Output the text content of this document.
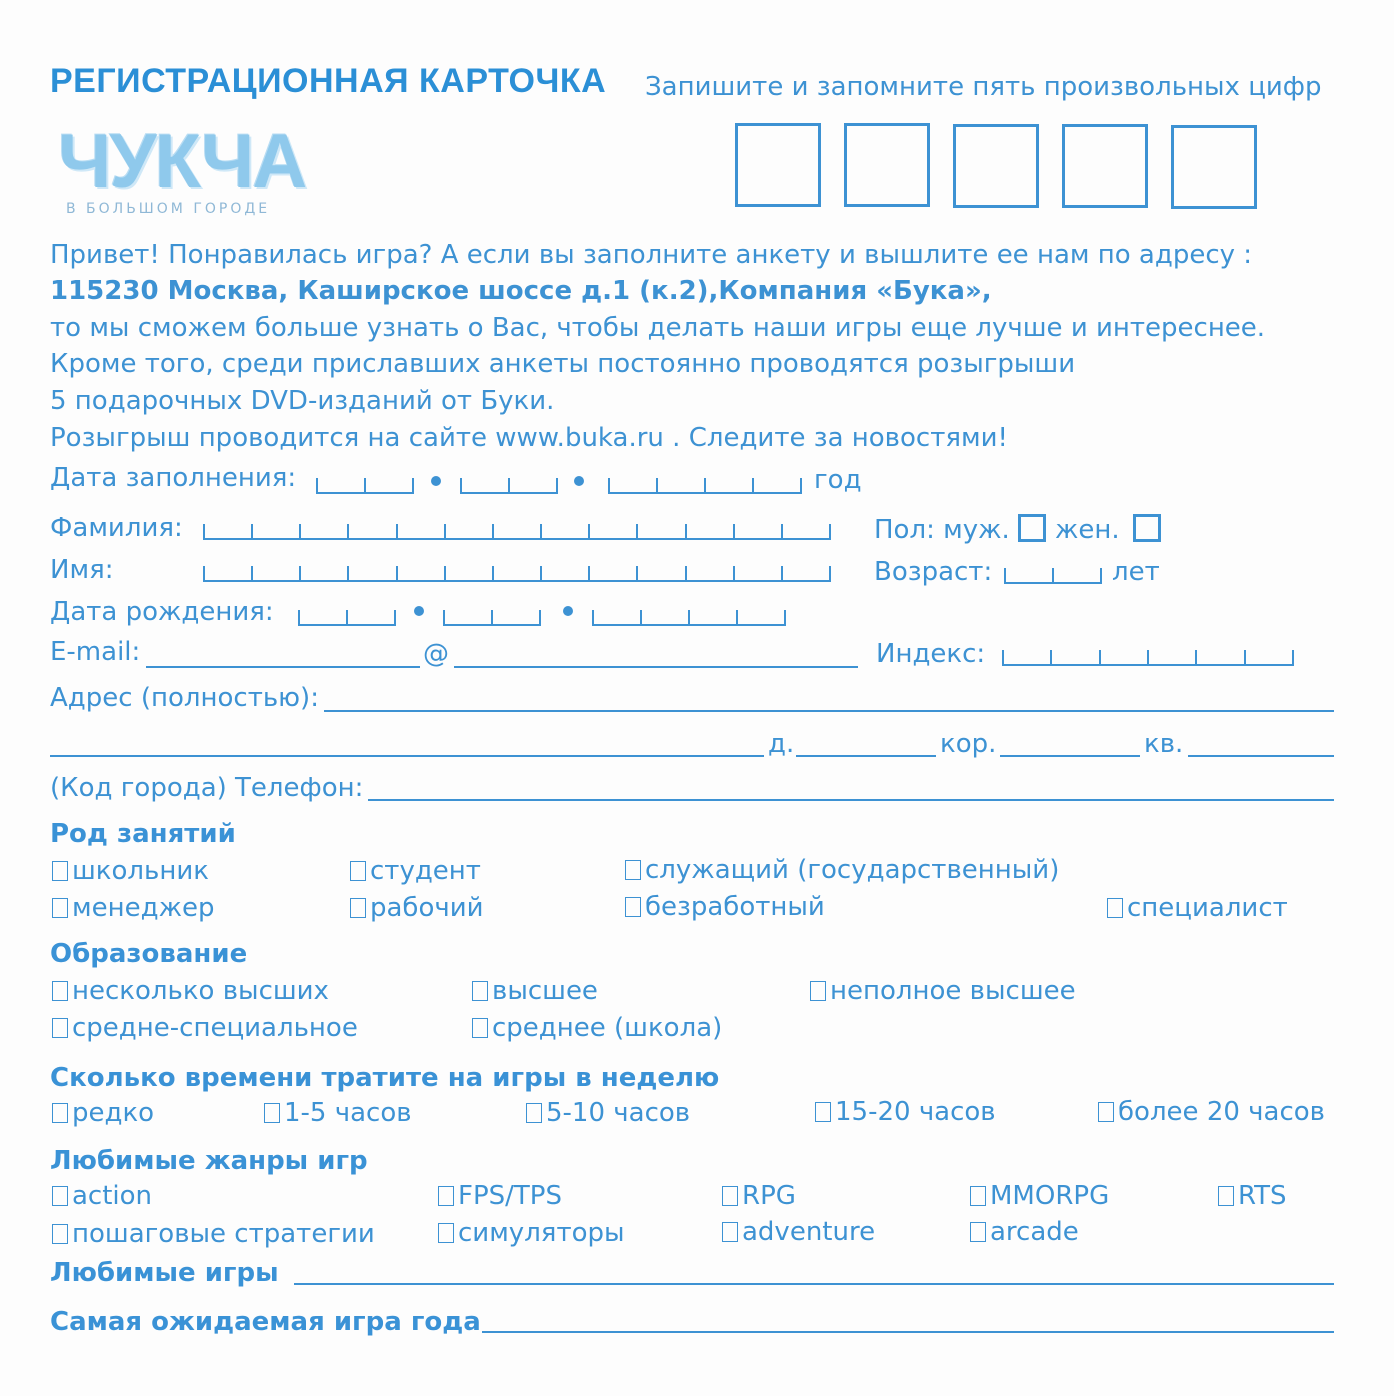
РЕГИСТРАЦИОННАЯ КАРТОЧКА Запишите и запомните пять произвольных цифр
ЧУКЧА
В БОЛЬШОМ ГОРОДЕ
Привет! Понравилась игра? А если вы заполните анкету и вышлите ее нам по адресу :
115230 Москва, Каширское шоссе д.1 (к.2),Компания «Бука»,
то мы сможем больше узнать о Вас, чтобы делать наши игры еще лучше и интереснее.
Кроме того, среди приславших анкеты постоянно проводятся розыгрыши
5 подарочных DVD-изданий от Буки.
Розыгрыш проводится на сайте www.buka.ru . Следите за новостями!
Дата заполнения:	год
Фамилия:	Пол: муж. жен.
Имя:	Возраст:	лет
Дата рождения:
E-mail:	@	Индекс:
Адрес (полностью):
д.	кор.	кв.
(Код города) Телефон:
Род занятий
школьник	студент	служащий (государственный)
менеджер	рабочий	безработный	специалист
Образование
несколько высших	высшее	неполное высшее
средне-специальное	среднее (школа)
Сколько времени тратите на игры в неделю
редко	1-5 часов	5-10 часов	15-20 часов	более 20 часов
Любимые жанры игр
action	FPS/TPS	RPG	MMORPG	RTS
пошаговые стратегии	симуляторы	adventure	arcade
Любимые игры
Самая ожидаемая игра года
